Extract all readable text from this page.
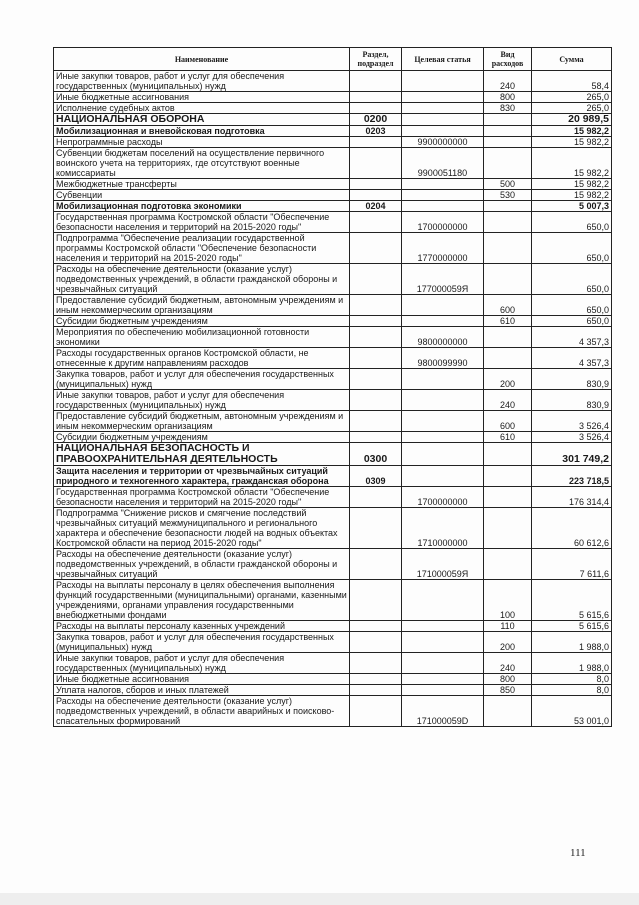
Наименование	Раздел, подраздел	Целевая статья	Вид расходов	Сумма
Иные закупки товаров, работ и услуг для обеспечения государственных (муниципальных) нужд			240	58,4
Иные бюджетные ассигнования			800	265,0
Исполнение судебных актов			830	265,0
НАЦИОНАЛЬНАЯ ОБОРОНА	0200			20 989,5
Мобилизационная и вневойсковая подготовка	0203			15 982,2
Непрограммные расходы		9900000000		15 982,2
Субвенции бюджетам поселений на осуществление первичного воинского учета на территориях, где отсутствуют военные комиссариаты		9900051180		15 982,2
Межбюджетные трансферты			500	15 982,2
Субвенции			530	15 982,2
Мобилизационная подготовка экономики	0204			5 007,3
Государственная программа Костромской области "Обеспечение безопасности населения и территорий на 2015-2020 годы"		1700000000		650,0
Подпрограмма "Обеспечение реализации государственной программы Костромской области "Обеспечение безопасности населения и территорий на 2015-2020 годы"		1770000000		650,0
Расходы на обеспечение деятельности (оказание услуг) подведомственных учреждений, в области гражданской обороны и чрезвычайных ситуаций		177000059Я		650,0
Предоставление субсидий бюджетным, автономным учреждениям и иным некоммерческим организациям			600	650,0
Субсидии бюджетным учреждениям			610	650,0
Мероприятия по обеспечению мобилизационной готовности экономики		9800000000		4 357,3
Расходы государственных органов Костромской области, не отнесенные к другим направлениям расходов		9800099990		4 357,3
Закупка товаров, работ и услуг для обеспечения государственных (муниципальных) нужд			200	830,9
Иные закупки товаров, работ и услуг для обеспечения государственных (муниципальных) нужд			240	830,9
Предоставление субсидий бюджетным, автономным учреждениям и иным некоммерческим организациям			600	3 526,4
Субсидии бюджетным учреждениям			610	3 526,4
НАЦИОНАЛЬНАЯ БЕЗОПАСНОСТЬ И ПРАВООХРАНИТЕЛЬНАЯ ДЕЯТЕЛЬНОСТЬ	0300			301 749,2
Защита населения и территории от чрезвычайных ситуаций природного и техногенного характера, гражданская оборона	0309			223 718,5
Государственная программа Костромской области "Обеспечение безопасности населения и территорий на 2015-2020 годы"		1700000000		176 314,4
Подпрограмма "Снижение рисков и смягчение последствий чрезвычайных ситуаций межмуниципального и регионального характера и обеспечение безопасности людей на водных объектах Костромской области на период 2015-2020 годы"		1710000000		60 612,6
Расходы на обеспечение деятельности (оказание услуг) подведомственных учреждений, в области гражданской обороны и чрезвычайных ситуаций		171000059Я		7 611,6
Расходы на выплаты персоналу в целях обеспечения выполнения функций государственными (муниципальными) органами, казенными учреждениями, органами управления государственными внебюджетными фондами			100	5 615,6
Расходы на выплаты персоналу казенных учреждений			110	5 615,6
Закупка товаров, работ и услуг для обеспечения государственных (муниципальных) нужд			200	1 988,0
Иные закупки товаров, работ и услуг для обеспечения государственных (муниципальных) нужд			240	1 988,0
Иные бюджетные ассигнования			800	8,0
Уплата налогов, сборов и иных платежей			850	8,0
Расходы на обеспечение деятельности (оказание услуг) подведомственных учреждений, в области аварийных и поисково-спасательных формирований		171000059D		53 001,0
111
